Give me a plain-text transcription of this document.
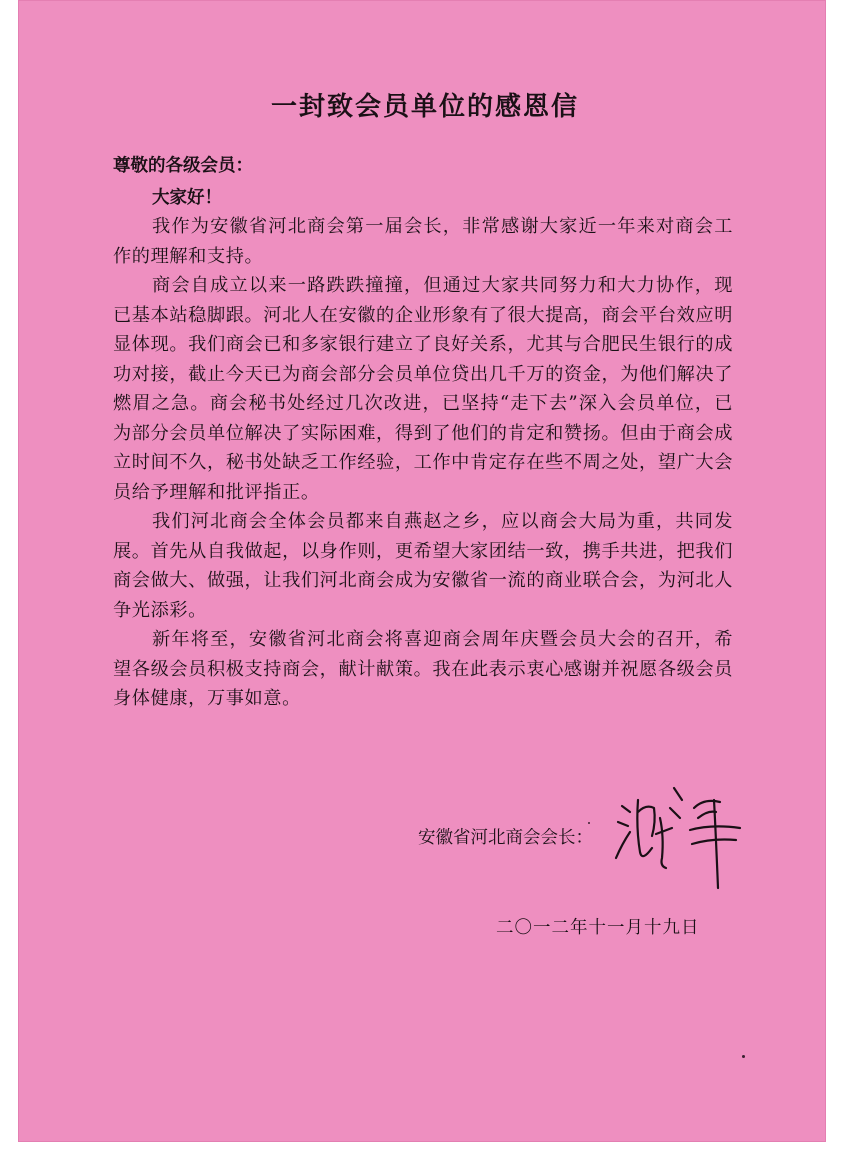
一封致会员单位的感恩信
尊敬的各级会员：
大家好！

我作为安徽省河北商会第一届会长，非常感谢大家近一年来对商会工作的理解和支持。

商会自成立以来一路跌跌撞撞，但通过大家共同努力和大力协作，现已基本站稳脚跟。河北人在安徽的企业形象有了很大提高，商会平台效应明显体现。我们商会已和多家银行建立了良好关系，尤其与合肥民生银行的成功对接，截止今天已为商会部分会员单位贷出几千万的资金，为他们解决了燃眉之急。商会秘书处经过几次改进，已坚持“走下去”深入会员单位，已为部分会员单位解决了实际困难，得到了他们的肯定和赞扬。但由于商会成立时间不久，秘书处缺乏工作经验，工作中肯定存在些不周之处，望广大会员给予理解和批评指正。

我们河北商会全体会员都来自燕赵之乡，应以商会大局为重，共同发展。首先从自我做起，以身作则，更希望大家团结一致，携手共进，把我们商会做大、做强，让我们河北商会成为安徽省一流的商业联合会，为河北人争光添彩。

新年将至，安徽省河北商会将喜迎商会周年庆暨会员大会的召开，希望各级会员积极支持商会，献计献策。我在此表示衷心感谢并祝愿各级会员身体健康，万事如意。

安徽省河北商会会长：
二〇一二年十一月十九日
